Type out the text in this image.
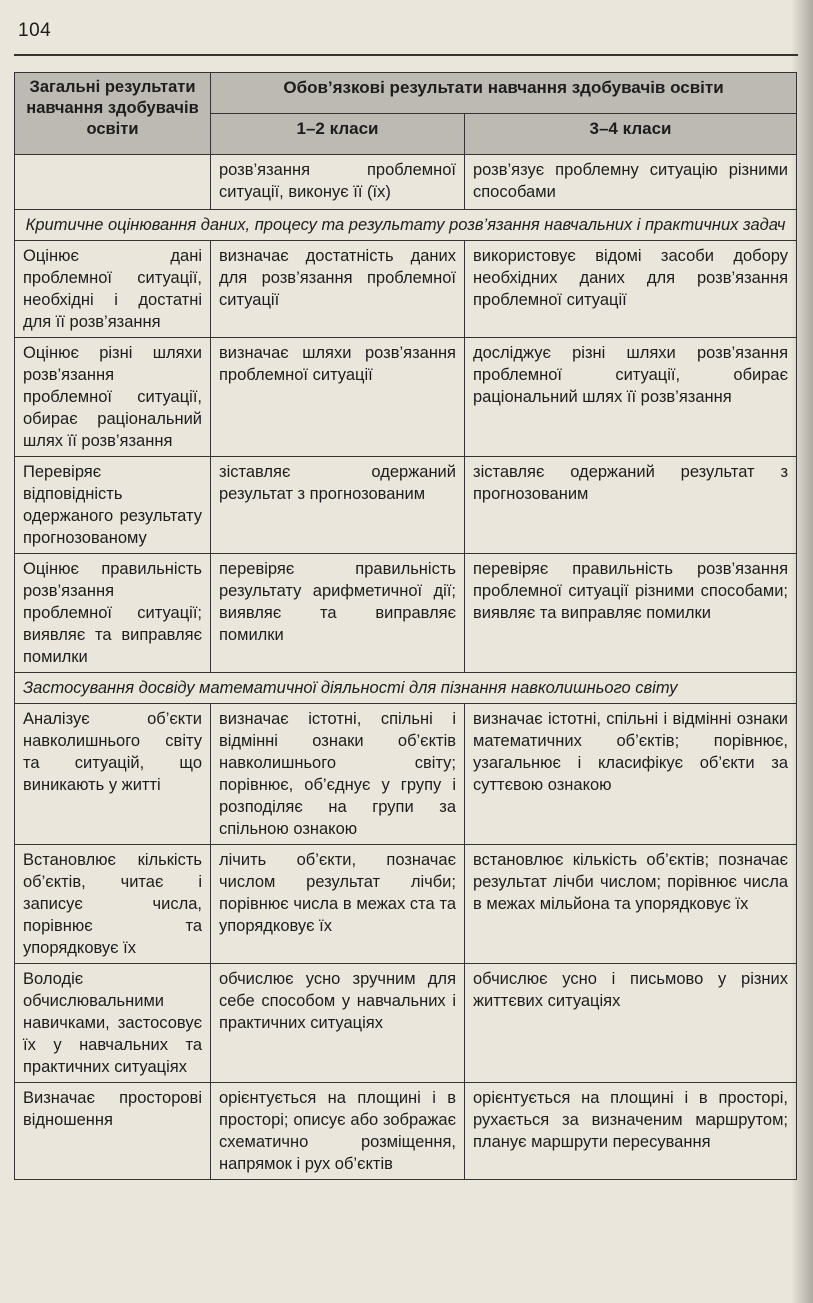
104
Загальні результати навчання здобувачів освіти	Обов’язкові результати навчання здобувачів освіти	
	1–2 класи	3–4 класи
	розв’язання проблемної ситуації, виконує її (їх)	розв’язує проблемну ситуацію різними способами
Критичне оцінювання даних, процесу та результату розв’язання навчальних і практичних задач		
Оцінює дані проблемної ситуації, необхідні і достатні для її розв’язання	визначає достатність даних для розв’язання проблемної ситуації	використовує відомі засоби добору необхідних даних для розв’язання проблемної ситуації
Оцінює різні шляхи розв’язання проблемної ситуації, обирає раціональний шлях її розв’язання	визначає шляхи розв’язання проблемної ситуації	досліджує різні шляхи розв’язання проблемної ситуації, обирає раціональний шлях її розв’язання
Перевіряє відповідність одержаного результату прогнозованому	зіставляє одержаний результат з прогнозованим	зіставляє одержаний результат з прогнозованим
Оцінює правильність розв’язання проблемної ситуації; виявляє та виправляє помилки	перевіряє правильність результату арифметичної дії; виявляє та виправляє помилки	перевіряє правильність розв’язання проблемної ситуації різними способами; виявляє та виправляє помилки
Застосування досвіду математичної діяльності для пізнання навколишнього світу		
Аналізує об’єкти навколишнього світу та ситуацій, що виникають у житті	визначає істотні, спільні і відмінні ознаки об’єктів навколишнього світу; порівнює, об’єднує у групу і розподіляє на групи за спільною ознакою	визначає істотні, спільні і відмінні ознаки математичних об’єктів; порівнює, узагальнює і класифікує об’єкти за суттєвою ознакою
Встановлює кількість об’єктів, читає і записує числа, порівнює та упорядковує їх	лічить об’єкти, позначає числом результат лічби; порівнює числа в межах ста та упорядковує їх	встановлює кількість об’єктів; позначає результат лічби числом; порівнює числа в межах мільйона та упорядковує їх
Володіє обчислювальними навичками, застосовує їх у навчальних та практичних ситуаціях	обчислює усно зручним для себе способом у навчальних і практичних ситуаціях	обчислює усно і письмово у різних життєвих ситуаціях
Визначає просторові відношення	орієнтується на площині і в просторі; описує або зображає схематично розміщення, напрямок і рух об’єктів	орієнтується на площині і в просторі, рухається за визначеним маршрутом; планує маршрути пересування
